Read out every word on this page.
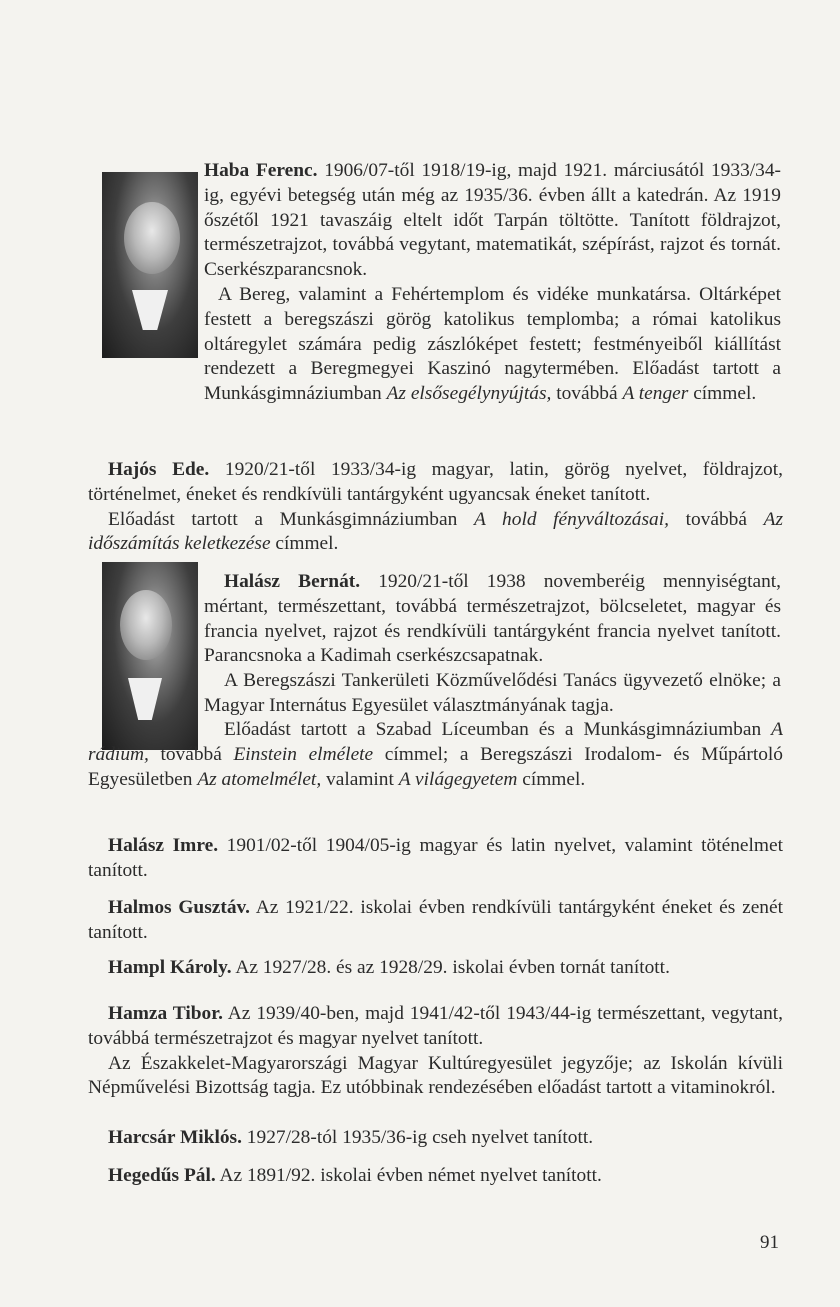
Haba Ferenc. 1906/07-től 1918/19-ig, majd 1921. márciusától 1933/34-ig, egyévi betegség után még az 1935/36. évben állt a katedrán. Az 1919 őszétől 1921 tavaszáig eltelt időt Tarpán töltötte. Tanított földrajzot, természetrajzot, továbbá vegytant, matematikát, szépírást, rajzot és tornát. Cserkészparancsnok.

A Bereg, valamint a Fehértemplom és vidéke munkatársa. Oltárképet festett a beregszászi görög katolikus templomba; a római katolikus oltáregylet számára pedig zászlóképet festett; festményeiből kiállítást rendezett a Beregmegyei Kaszinó nagytermében. Előadást tartott a Munkásgimnáziumban Az elsősegélynyújtás, továbbá A tenger címmel.

Hajós Ede. 1920/21-től 1933/34-ig magyar, latin, görög nyelvet, földrajzot, történelmet, éneket és rendkívüli tantárgyként ugyancsak éneket tanított.

Előadást tartott a Munkásgimnáziumban A hold fényváltozásai, továbbá Az időszámítás keletkezése címmel.

Halász Bernát. 1920/21-től 1938 novemberéig mennyiségtant, mértant, természettant, továbbá természetrajzot, bölcseletet, magyar és francia nyelvet, rajzot és rendkívüli tantárgyként francia nyelvet tanított. Parancsnoka a Kadimah cserkészcsapatnak.

A Beregszászi Tankerületi Közművelődési Tanács ügyvezető elnöke; a Magyar Internátus Egyesület választmányának tagja.

Előadást tartott a Szabad Líceumban és a Munkásgimnáziumban A rádium, továbbá Einstein elmélete címmel; a Beregszászi Irodalom- és Műpártoló Egyesületben Az atomelmélet, valamint A világegyetem címmel.

Halász Imre. 1901/02-től 1904/05-ig magyar és latin nyelvet, valamint töténelmet tanított.

Halmos Gusztáv. Az 1921/22. iskolai évben rendkívüli tantárgyként éneket és zenét tanított.

Hampl Károly. Az 1927/28. és az 1928/29. iskolai évben tornát tanított.

Hamza Tibor. Az 1939/40-ben, majd 1941/42-től 1943/44-ig természettant, vegytant, továbbá természetrajzot és magyar nyelvet tanított.

Az Északkelet-Magyarországi Magyar Kultúregyesület jegyzője; az Iskolán kívüli Népművelési Bizottság tagja. Ez utóbbinak rendezésében előadást tartott a vitaminokról.

Harcsár Miklós. 1927/28-tól 1935/36-ig cseh nyelvet tanított.

Hegedűs Pál. Az 1891/92. iskolai évben német nyelvet tanított.

91
